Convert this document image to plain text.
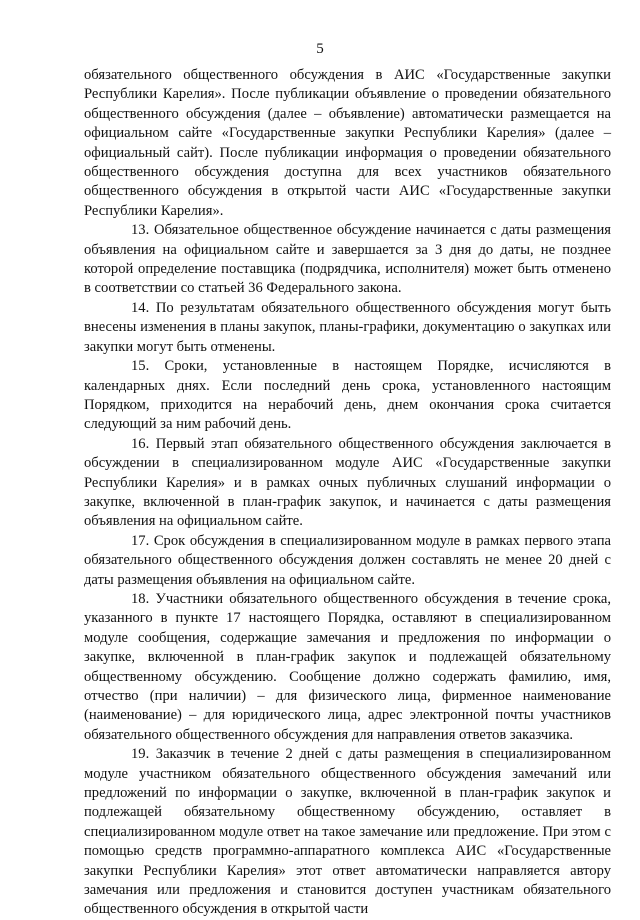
5

обязательного общественного обсуждения в АИС «Государственные закупки Республики Карелия». После публикации объявление о проведении обязательного общественного обсуждения (далее – объявление) автоматически размещается на официальном сайте «Государственные закупки Республики Карелия» (далее – официальный сайт). После публикации информация о проведении обязательного общественного обсуждения доступна для всех участников обязательного общественного обсуждения в открытой части АИС «Государственные закупки Республики Карелия».

13. Обязательное общественное обсуждение начинается с даты размещения объявления на официальном сайте и завершается за 3 дня до даты, не позднее которой определение поставщика (подрядчика, исполнителя) может быть отменено в соответствии со статьей 36 Федерального закона.

14. По результатам обязательного общественного обсуждения могут быть внесены изменения в планы закупок, планы-графики, документацию о закупках или закупки могут быть отменены.

15. Сроки, установленные в настоящем Порядке, исчисляются в календарных днях. Если последний день срока, установленного настоящим Порядком, приходится на нерабочий день, днем окончания срока считается следующий за ним рабочий день.

16. Первый этап обязательного общественного обсуждения заключается в обсуждении в специализированном модуле АИС «Государственные закупки Республики Карелия» и в рамках очных публичных слушаний информации о закупке, включенной в план-график закупок, и начинается с даты размещения объявления на официальном сайте.

17. Срок обсуждения в специализированном модуле в рамках первого этапа обязательного общественного обсуждения должен составлять не менее 20 дней с даты размещения объявления на официальном сайте.

18. Участники обязательного общественного обсуждения в течение срока, указанного в пункте 17 настоящего Порядка, оставляют в специализированном модуле сообщения, содержащие замечания и предложения по информации о закупке, включенной в план-график закупок и подлежащей обязательному общественному обсуждению. Сообщение должно содержать фамилию, имя, отчество (при наличии) – для физического лица, фирменное наименование (наименование) – для юридического лица, адрес электронной почты участников обязательного общественного обсуждения для направления ответов заказчика.

19. Заказчик в течение 2 дней с даты размещения в специализированном модуле участником обязательного общественного обсуждения замечаний или предложений по информации о закупке, включенной в план-график закупок и подлежащей обязательному общественному обсуждению, оставляет в специализированном модуле ответ на такое замечание или предложение. При этом с помощью средств программно-аппаратного комплекса АИС «Государственные закупки Республики Карелия» этот ответ автоматически направляется автору замечания или предложения и становится доступен участникам обязательного общественного обсуждения в открытой части
